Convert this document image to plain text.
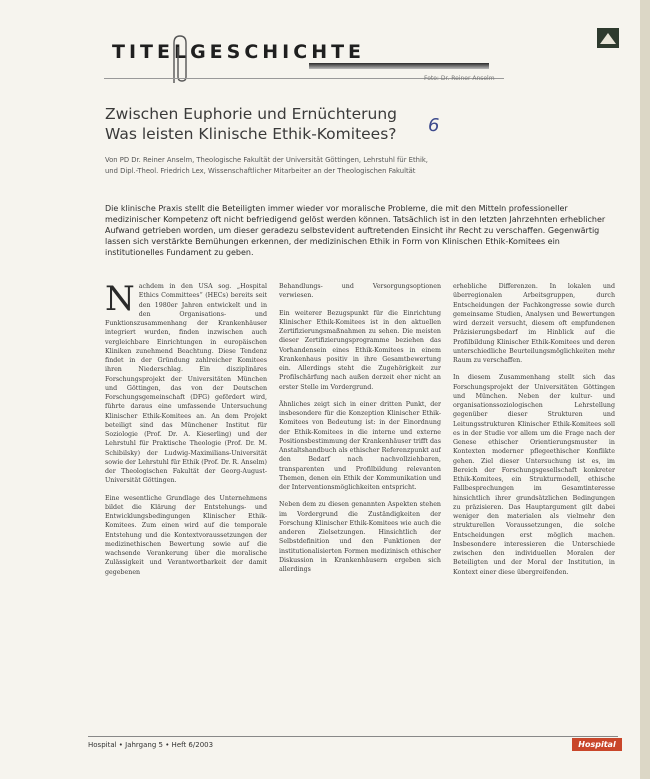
TITELGESCHICHTE
Foto: Dr. Reiner Anselm
Zwischen Euphorie und Ernüchterung
Was leisten Klinische Ethik-Komitees?	6
Von PD Dr. Reiner Anselm, Theologische Fakultät der Universität Göttingen, Lehrstuhl für Ethik,
und Dipl.-Theol. Friedrich Lex, Wissenschaftlicher Mitarbeiter an der Theologischen Fakultät
Die klinische Praxis stellt die Beteiligten immer wieder vor moralische Probleme, die mit den Mitteln professioneller medizinischer Kompetenz oft nicht befriedigend gelöst werden können. Tatsächlich ist in den letzten Jahrzehnten erheblicher Aufwand getrieben worden, um dieser geradezu selbstevident auftretenden Einsicht ihr Recht zu verschaffen. Gegenwärtig lassen sich verstärkte Bemühungen erkennen, der medizinischen Ethik in Form von Klinischen Ethik-Komitees ein institutionelles Fundament zu geben.

Nachdem in den USA sog. „Hospital Ethics Committees“ (HECs) bereits seit den 1980er Jahren entwickelt und in den Organisations- und Funktionszusammenhang der Krankenhäuser integriert wurden, finden inzwischen auch vergleichbare Einrichtungen in europäischen Kliniken zunehmend Beachtung. Diese Tendenz findet in der Gründung zahlreicher Komitees ihren Niederschlag. Ein disziplinäres Forschungsprojekt der Universitäten München und Göttingen, das von der Deutschen Forschungsgemeinschaft (DFG) gefördert wird, führte daraus eine umfassende Untersuchung Klinischer Ethik-Komitees an. An dem Projekt beteiligt sind das Münchener Institut für Soziologie (Prof. Dr. A. Kieserling) und der Lehrstuhl für Praktische Theologie (Prof. Dr. M. Schibilsky) der Ludwig-Maximilians-Universität sowie der Lehrstuhl für Ethik (Prof. Dr. R. Anselm) der Theologischen Fakultät der Georg-August-Universität Göttingen.

Eine wesentliche Grundlage des Unternehmens bildet die Klärung der Entstehungs- und Entwicklungsbedingungen Klinischer Ethik-Komitees. Zum einen wird auf die temporale Entstehung und die Kontextvoraussetzungen der medizinethischen Bewertung sowie auf die wachsende Verankerung über die moralische Zulässigkeit und Verantwortbarkeit der damit gegebenen

Behandlungs- und Versorgungsoptionen verwiesen.

Ein weiterer Bezugspunkt für die Einrichtung Klinischer Ethik-Komitees ist in den aktuellen Zertifizierungsmaßnahmen zu sehen. Die meisten dieser Zertifizierungsprogramme beziehen das Vorhandensein eines Ethik-Komitees in einem Krankenhaus positiv in ihre Gesamtbewertung ein. Allerdings steht die Zugehörigkeit zur Profilschärfung nach außen derzeit eher nicht an erster Stelle im Vordergrund.

Ähnliches zeigt sich in einer dritten Punkt, der insbesondere für die Konzeption Klinischer Ethik-Komitees von Bedeutung ist: in der Einordnung der Ethik-Komitees in die interne und externe Positionsbestimmung der Krankenhäuser trifft das Anstaltshandbuch als ethischer Referenzpunkt auf den Bedarf nach nachvollziehbaren, transparenten und Profilbildung relevanten Themen, denen ein Ethik der Kommunikation und der Interventionsmöglichkeiten entspricht.

Neben dem zu diesen genannten Aspekten stehen im Vordergrund die Zuständigkeiten der Forschung Klinischer Ethik-Komitees wie auch die anderen Zielsetzungen. Hinsichtlich der Selbstdefinition und den Funktionen der institutionalisierten Formen medizinisch ethischer Diskussion in Krankenhäusern ergeben sich allerdings

erhebliche Differenzen. In lokalen und überregionalen Arbeitsgruppen, durch Entscheidungen der Fachkongresse sowie durch gemeinsame Studien, Analysen und Bewertungen wird derzeit versucht, diesem oft empfundenen Präzisierungsbedarf im Hinblick auf die Profilbildung Klinischer Ethik-Komitees und deren unterschiedliche Beurteilungsmöglichkeiten mehr Raum zu verschaffen.

In diesem Zusammenhang stellt sich das Forschungsprojekt der Universitäten Göttingen und München. Neben der kultur- und organisationssoziologischen Lehrstellung gegenüber dieser Strukturen und Leitungsstrukturen Klinischer Ethik-Komitees soll es in der Studie vor allem um die Frage nach der Genese ethischer Orientierungsmuster in Kontexten moderner pflegeethischer Konflikte gehen. Ziel dieser Untersuchung ist es, im Bereich der Forschungsgesellschaft konkreter Ethik-Komitees, ein Strukturmodell, ethische Fallbesprechungen im Gesamtinteresse hinsichtlich ihrer grundsätzlichen Bedingungen zu präzisieren. Das Hauptargument gilt dabei weniger den materialen als vielmehr den strukturellen Voraussetzungen, die solche Entscheidungen erst möglich machen. Insbesondere interessieren die Unterschiede zwischen den individuellen Moralen der Beteiligten und der Moral der Institution, in Kontext einer diese übergreifenden.

Hospital • Jahrgang 5 • Heft 6/2003	Hospital
